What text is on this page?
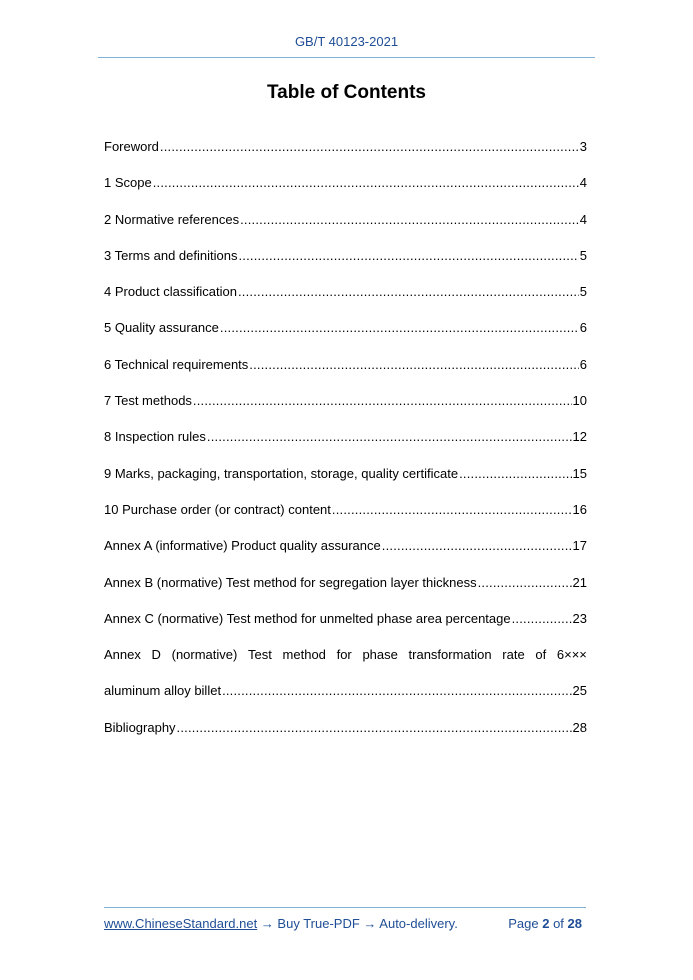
GB/T 40123-2021
Table of Contents
Foreword .....	3
1 Scope .....	4
2 Normative references .....	4
3 Terms and definitions .....	5
4 Product classification .....	5
5 Quality assurance .....	6
6 Technical requirements .....	6
7 Test methods .....	10
8 Inspection rules .....	12
9 Marks, packaging, transportation, storage, quality certificate .....	15
10 Purchase order (or contract) content .....	16
Annex A (informative) Product quality assurance .....	17
Annex B (normative) Test method for segregation layer thickness .....	21
Annex C (normative) Test method for unmelted phase area percentage .....	23
Annex D (normative) Test method for phase transformation rate of 6×××
aluminum alloy billet .....	25
Bibliography .....	28
www.ChineseStandard.net → Buy True-PDF → Auto-delivery.	Page 2 of 28
